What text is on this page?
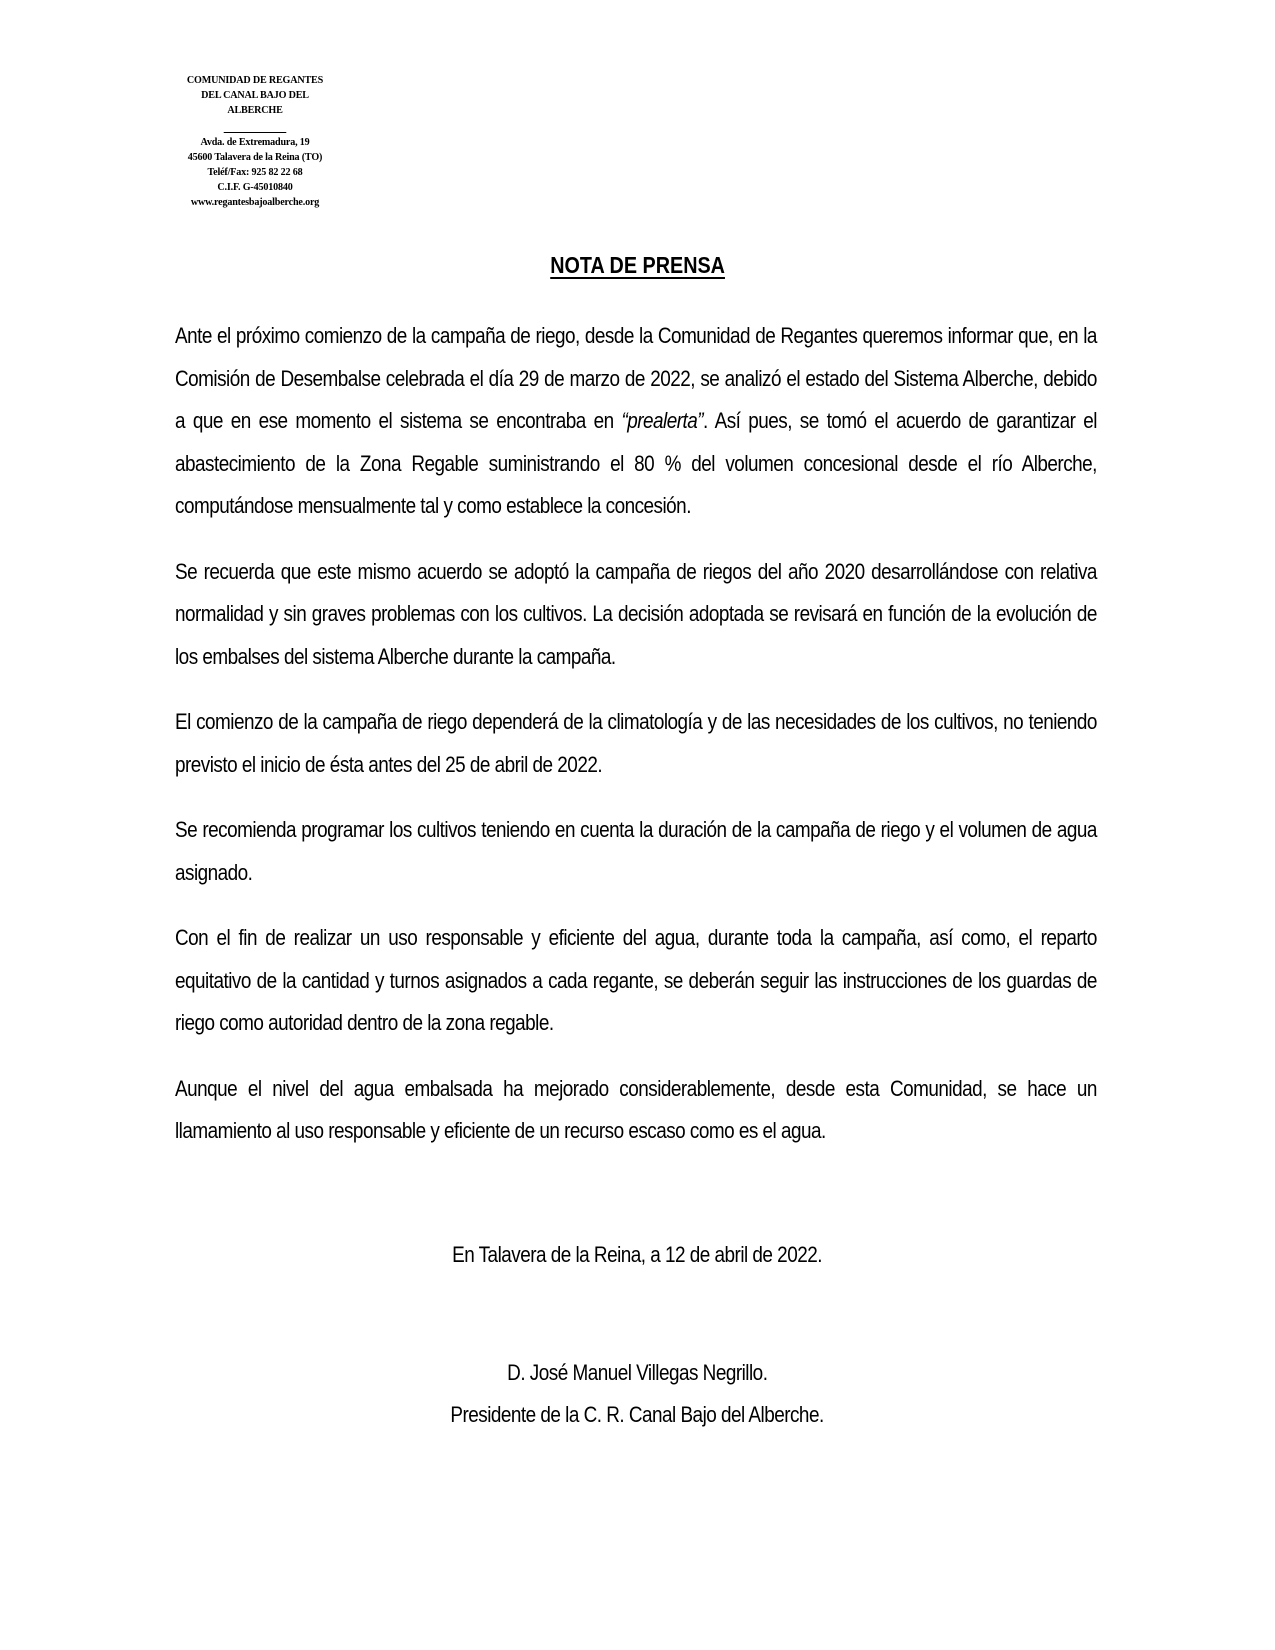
COMUNIDAD DE REGANTES
DEL CANAL BAJO DEL
ALBERCHE
Avda. de Extremadura, 19
45600 Talavera de la Reina (TO)
Teléf/Fax: 925 82 22 68
C.I.F. G-45010840
www.regantesbajoalberche.org
NOTA DE PRENSA

Ante el próximo comienzo de la campaña de riego, desde la Comunidad de Regantes queremos informar que, en la Comisión de Desembalse celebrada el día 29 de marzo de 2022, se analizó el estado del Sistema Alberche, debido a que en ese momento el sistema se encontraba en “prealerta”. Así pues, se tomó el acuerdo de garantizar el abastecimiento de la Zona Regable suministrando el 80 % del volumen concesional desde el río Alberche, computándose mensualmente tal y como establece la concesión.

Se recuerda que este mismo acuerdo se adoptó la campaña de riegos del año 2020 desarrollándose con relativa normalidad y sin graves problemas con los cultivos. La decisión adoptada se revisará en función de la evolución de los embalses del sistema Alberche durante la campaña.

El comienzo de la campaña de riego dependerá de la climatología y de las necesidades de los cultivos, no teniendo previsto el inicio de ésta antes del 25 de abril de 2022.

Se recomienda programar los cultivos teniendo en cuenta la duración de la campaña de riego y el volumen de agua asignado.

Con el fin de realizar un uso responsable y eficiente del agua, durante toda la campaña, así como, el reparto equitativo de la cantidad y turnos asignados a cada regante, se deberán seguir las instrucciones de los guardas de riego como autoridad dentro de la zona regable.

Aunque el nivel del agua embalsada ha mejorado considerablemente, desde esta Comunidad, se hace un llamamiento al uso responsable y eficiente de un recurso escaso como es el agua.

En Talavera de la Reina, a 12 de abril de 2022.
D. José Manuel Villegas Negrillo.
Presidente de la C. R. Canal Bajo del Alberche.
